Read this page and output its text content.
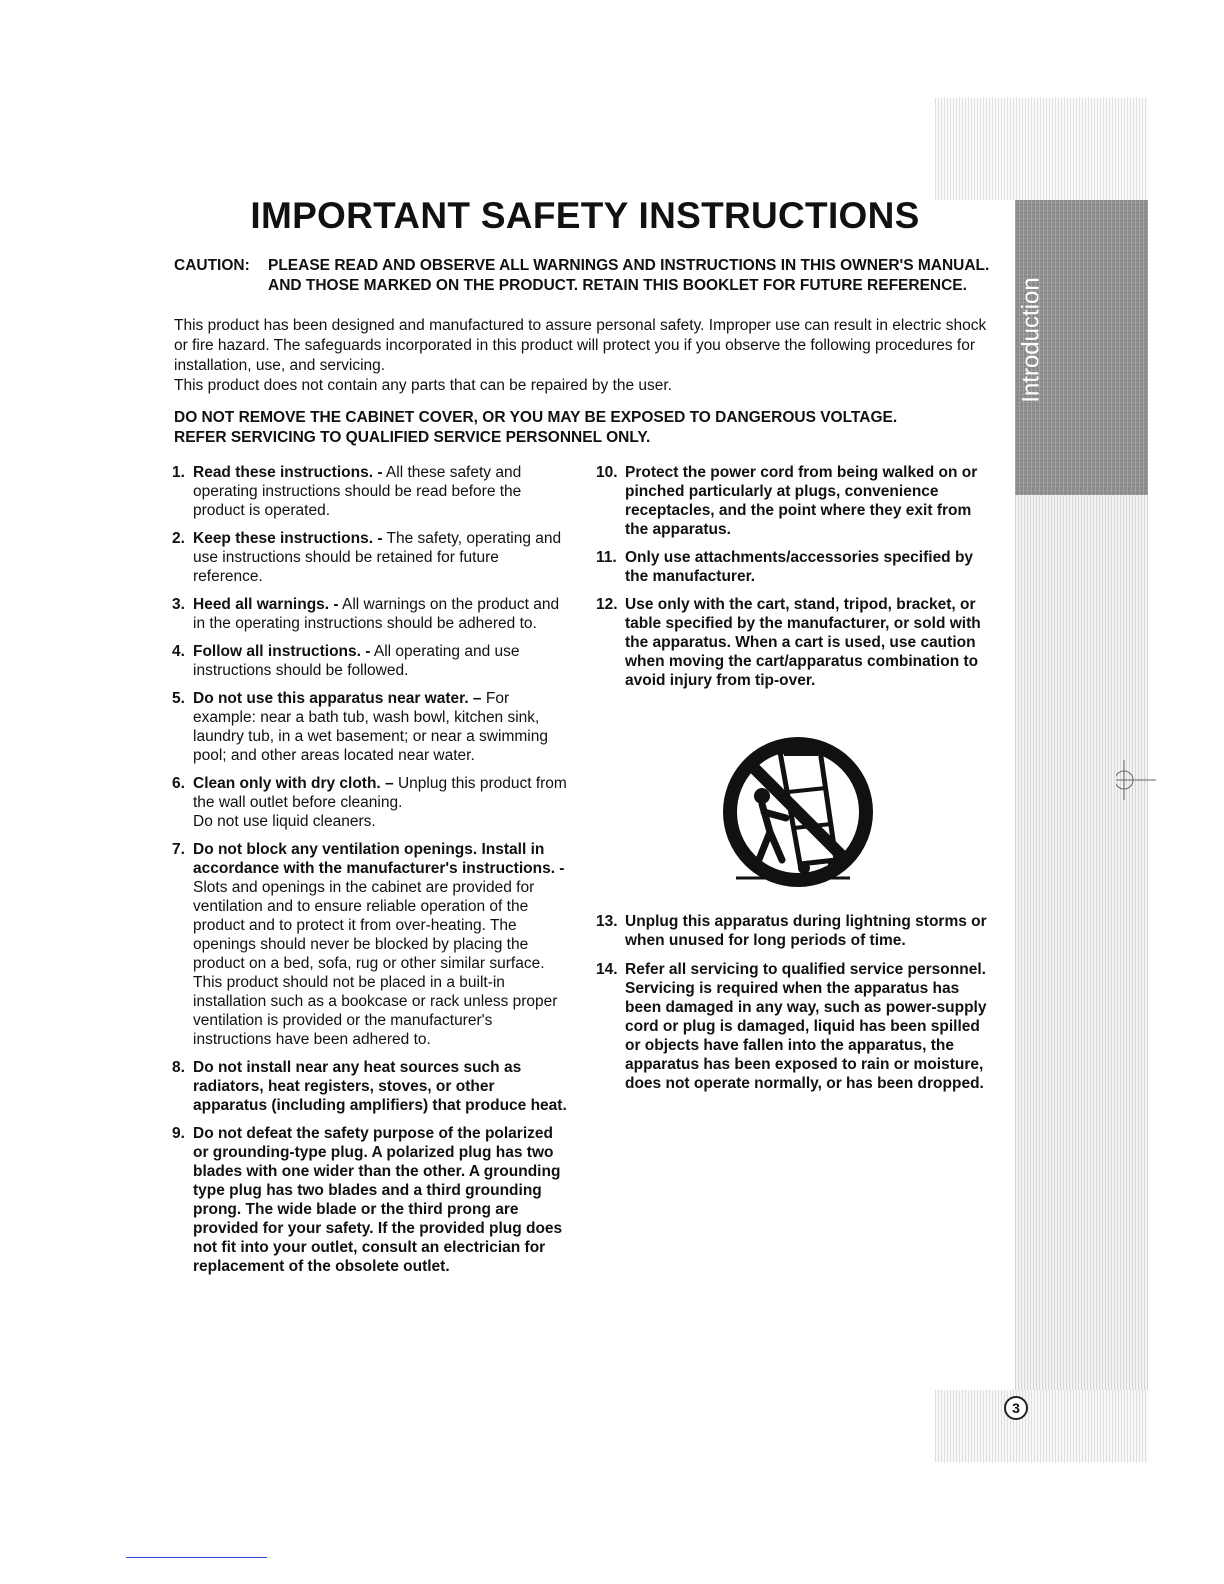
Introduction
3
IMPORTANT SAFETY INSTRUCTIONS
CAUTION: PLEASE READ AND OBSERVE ALL WARNINGS AND INSTRUCTIONS IN THIS OWNER'S MANUAL. AND THOSE MARKED ON THE PRODUCT. RETAIN THIS BOOKLET FOR FUTURE REFERENCE.

This product has been designed and manufactured to assure personal safety. Improper use can result in electric shock or fire hazard. The safeguards incorporated in this product will protect you if you observe the following procedures for installation, use, and servicing.

This product does not contain any parts that can be repaired by the user.

DO NOT REMOVE THE CABINET COVER, OR YOU MAY BE EXPOSED TO DANGEROUS VOLTAGE.

REFER SERVICING TO QUALIFIED SERVICE PERSONNEL ONLY.

1. Read these instructions. - All these safety and operating instructions should be read before the product is operated.
2. Keep these instructions. - The safety, operating and use instructions should be retained for future reference.
3. Heed all warnings. - All warnings on the product and in the operating instructions should be adhered to.
4. Follow all instructions. - All operating and use instructions should be followed.
5. Do not use this apparatus near water. – For example: near a bath tub, wash bowl, kitchen sink, laundry tub, in a wet basement; or near a swimming pool; and other areas located near water.
6. Clean only with dry cloth. – Unplug this product from the wall outlet before cleaning.
Do not use liquid cleaners.
7. Do not block any ventilation openings. Install in accordance with the manufacturer's instructions. - Slots and openings in the cabinet are provided for ventilation and to ensure reliable operation of the product and to protect it from over-heating. The openings should never be blocked by placing the product on a bed, sofa, rug or other similar surface. This product should not be placed in a built-in installation such as a bookcase or rack unless proper ventilation is provided or the manufacturer's instructions have been adhered to.
8. Do not install near any heat sources such as radiators, heat registers, stoves, or other apparatus (including amplifiers) that produce heat.
9. Do not defeat the safety purpose of the polarized or grounding-type plug. A polarized plug has two blades with one wider than the other. A grounding type plug has two blades and a third grounding prong. The wide blade or the third prong are provided for your safety. If the provided plug does not fit into your outlet, consult an electrician for replacement of the obsolete outlet.
10. Protect the power cord from being walked on or pinched particularly at plugs, convenience receptacles, and the point where they exit from the apparatus.
11. Only use attachments/accessories specified by the manufacturer.
12. Use only with the cart, stand, tripod, bracket, or table specified by the manufacturer, or sold with the apparatus. When a cart is used, use caution when moving the cart/apparatus combination to avoid injury from tip-over.
13. Unplug this apparatus during lightning storms or when unused for long periods of time.
14. Refer all servicing to qualified service personnel. Servicing is required when the apparatus has been damaged in any way, such as power-supply cord or plug is damaged, liquid has been spilled or objects have fallen into the apparatus, the apparatus has been exposed to rain or moisture, does not operate normally, or has been dropped.
